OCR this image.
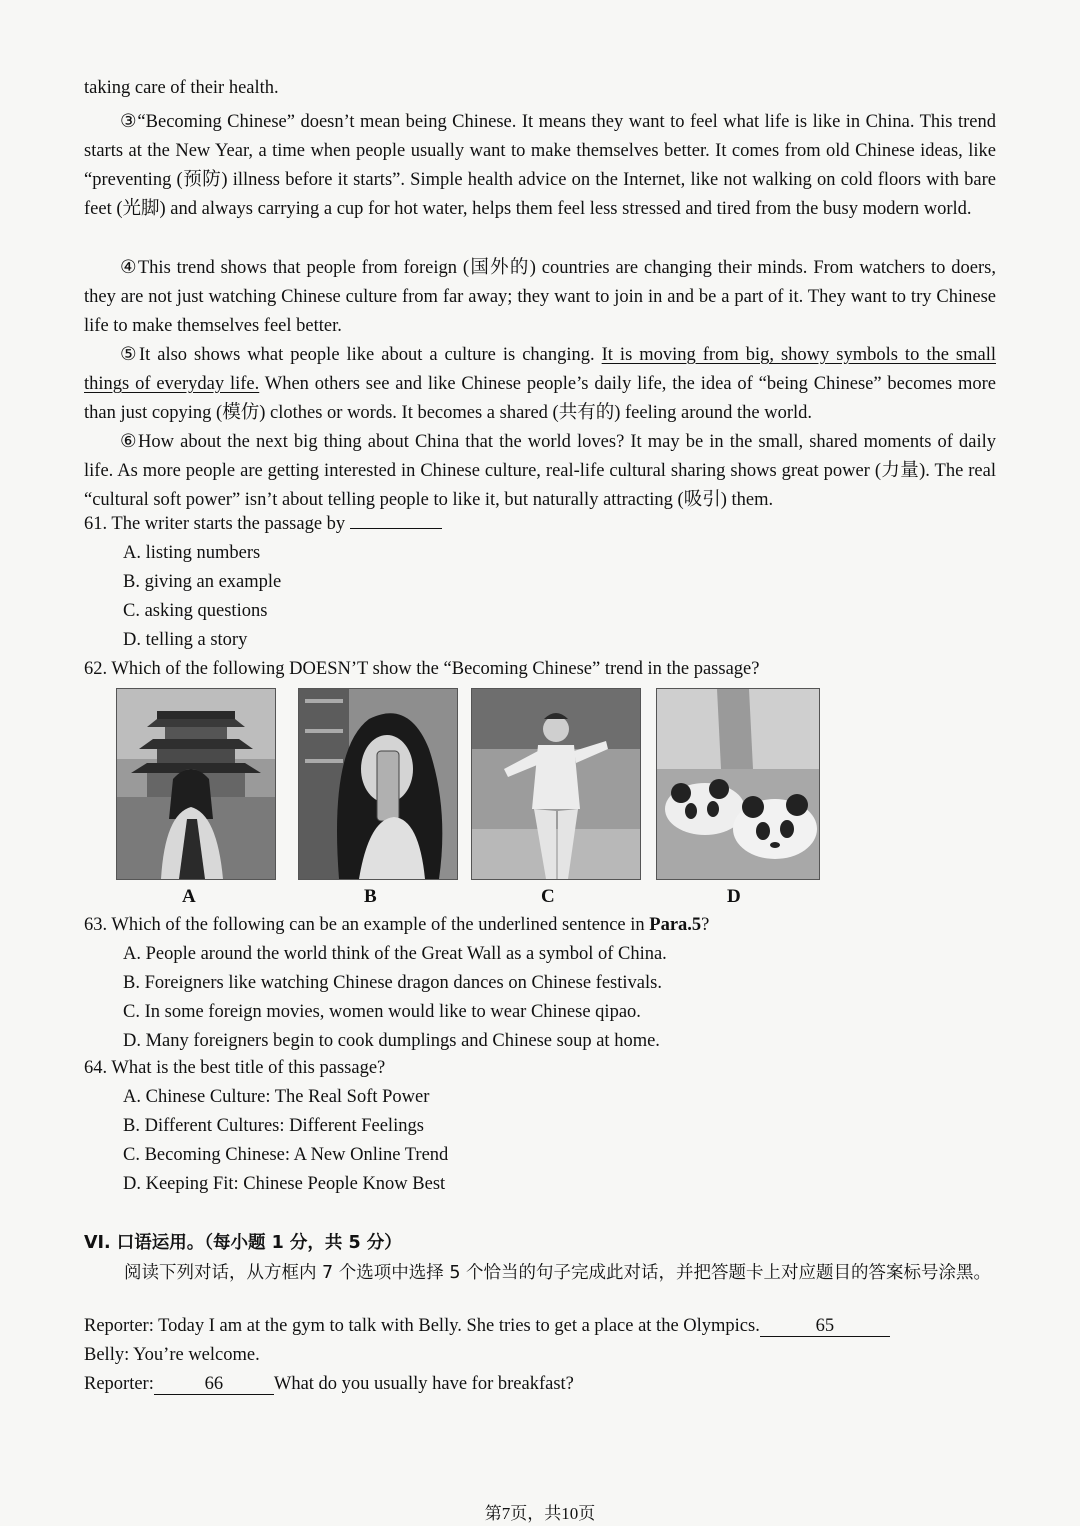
taking care of their health.
③“Becoming Chinese” doesn’t mean being Chinese. It means they want to feel what life is like in China. This trend starts at the New Year, a time when people usually want to make themselves better. It comes from old Chinese ideas, like “preventing (预防) illness before it starts”. Simple health advice on the Internet, like not walking on cold floors with bare feet (光脚) and always carrying a cup for hot water, helps them feel less stressed and tired from the busy modern world.
④This trend shows that people from foreign (国外的) countries are changing their minds. From watchers to doers, they are not just watching Chinese culture from far away; they want to join in and be a part of it. They want to try Chinese life to make themselves feel better.
⑤It also shows what people like about a culture is changing. It is moving from big, showy symbols to the small things of everyday life. When others see and like Chinese people’s daily life, the idea of “being Chinese” becomes more than just copying (模仿) clothes or words. It becomes a shared (共有的) feeling around the world.
⑥How about the next big thing about China that the world loves? It may be in the small, shared moments of daily life. As more people are getting interested in Chinese culture, real-life cultural sharing shows great power (力量). The real “cultural soft power” isn’t about telling people to like it, but naturally attracting (吸引) them.
61. The writer starts the passage by
A. listing numbers
B. giving an example
C. asking questions
D. telling a story
62. Which of the following DOESN’T show the “Becoming Chinese” trend in the passage?
A	B	C	D
63. Which of the following can be an example of the underlined sentence in Para.5?
A. People around the world think of the Great Wall as a symbol of China.
B. Foreigners like watching Chinese dragon dances on Chinese festivals.
C. In some foreign movies, women would like to wear Chinese qipao.
D. Many foreigners begin to cook dumplings and Chinese soup at home.
64. What is the best title of this passage?
A. Chinese Culture: The Real Soft Power
B. Different Cultures: Different Feelings
C. Becoming Chinese: A New Online Trend
D. Keeping Fit: Chinese People Know Best
VI. 口语运用。（每小题 1 分，共 5 分）
阅读下列对话，从方框内 7 个选项中选择 5 个恰当的句子完成此对话，并把答题卡上对应题目的答案标号涂黑。
Reporter: Today I am at the gym to talk with Belly. She tries to get a place at the Olympics.	65
Belly: You’re welcome.
Reporter:	66	What do you usually have for breakfast?
第7页，共10页
